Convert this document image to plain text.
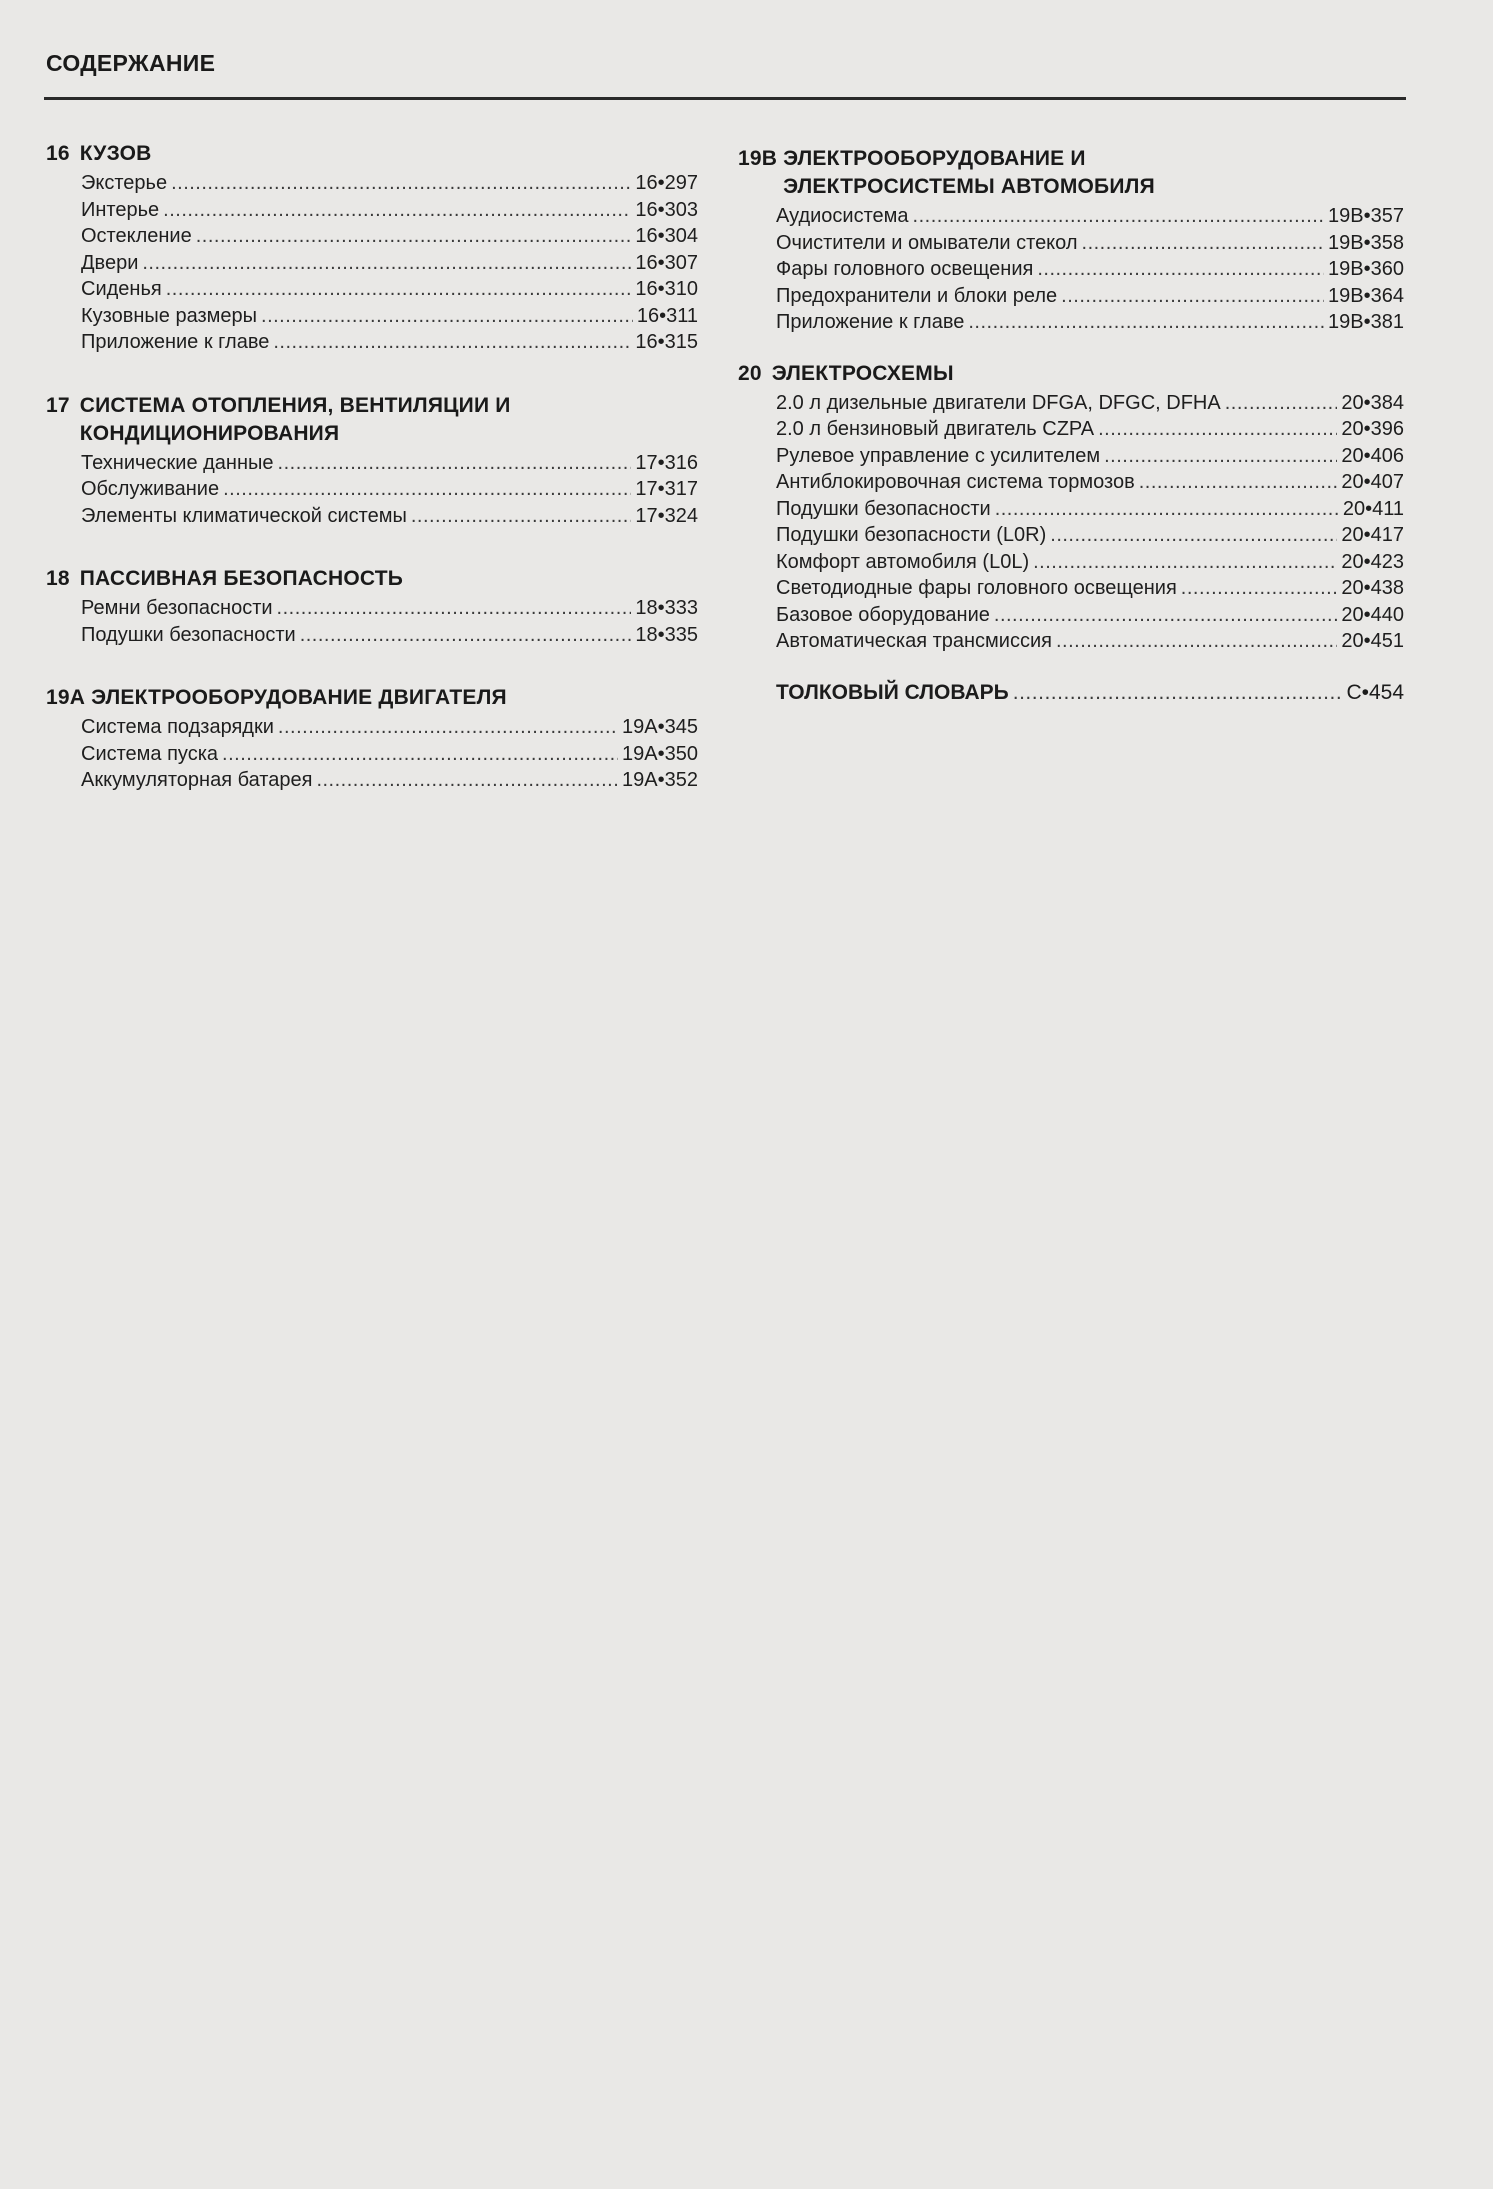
СОДЕРЖАНИЕ
16 КУЗОВ
Экстерье .....	16•297
Интерье .....	16•303
Остекление .....	16•304
Двери .....	16•307
Сиденья .....	16•310
Кузовные размеры .....	16•311
Приложение к главе .....	16•315
17 СИСТЕМА ОТОПЛЕНИЯ, ВЕНТИЛЯЦИИ И КОНДИЦИОНИРОВАНИЯ
Технические данные .....	17•316
Обслуживание .....	17•317
Элементы климатической системы .....	17•324
18 ПАССИВНАЯ БЕЗОПАСНОСТЬ
Ремни безопасности .....	18•333
Подушки безопасности .....	18•335
19А ЭЛЕКТРООБОРУДОВАНИЕ ДВИГАТЕЛЯ
Система подзарядки .....	19А•345
Система пуска .....	19А•350
Аккумуляторная батарея .....	19А•352
19В ЭЛЕКТРООБОРУДОВАНИЕ И ЭЛЕКТРОСИСТЕМЫ АВТОМОБИЛЯ
Аудиосистема .....	19В•357
Очистители и омыватели стекол .....	19В•358
Фары головного освещения .....	19В•360
Предохранители и блоки реле .....	19В•364
Приложение к главе .....	19В•381
20 ЭЛЕКТРОСХЕМЫ
2.0 л дизельные двигатели DFGA, DFGC, DFHA .....	20•384
2.0 л бензиновый двигатель CZPA .....	20•396
Рулевое управление с усилителем .....	20•406
Антиблокировочная система тормозов .....	20•407
Подушки безопасности .....	20•411
Подушки безопасности (L0R) .....	20•417
Комфорт автомобиля (L0L) .....	20•423
Светодиодные фары головного освещения .....	20•438
Базовое оборудование .....	20•440
Автоматическая трансмиссия .....	20•451
ТОЛКОВЫЙ СЛОВАРЬ .....	С•454
